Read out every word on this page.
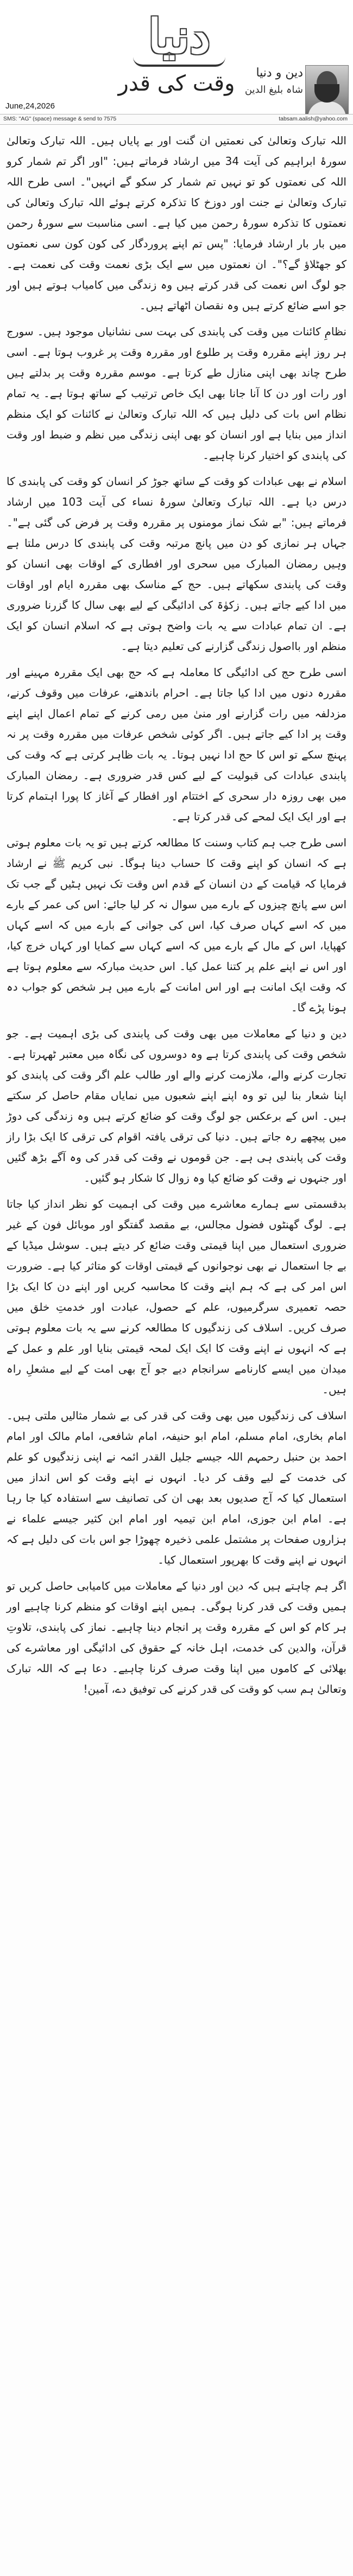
دنیا
وقت کی قدر	دین و دنیا
شاہ بلیغ الدین
June,24,2026
SMS: "AG" (space) message & send to 7575	tabsam.aalish@yahoo.com

اللہ تبارک وتعالیٰ کی نعمتیں ان گنت اور بے پایاں ہیں۔ اللہ تبارک وتعالیٰ سورۂ ابراہیم کی آیت 34 میں ارشاد فرماتے ہیں: "اور اگر تم شمار کرو اللہ کی نعمتوں کو تو نہیں تم شمار کر سکو گے انہیں"۔ اسی طرح اللہ تبارک وتعالیٰ نے جنت اور دوزخ کا تذکرہ کرتے ہوئے اللہ تبارک وتعالیٰ کی نعمتوں کا تذکرہ سورۂ رحمن میں کیا ہے۔ اسی مناسبت سے سورۂ رحمن میں بار بار ارشاد فرمایا: "پس تم اپنے پروردگار کی کون کون سی نعمتوں کو جھٹلاؤ گے؟"۔ ان نعمتوں میں سے ایک بڑی نعمت وقت کی نعمت ہے۔ جو لوگ اس نعمت کی قدر کرتے ہیں وہ زندگی میں کامیاب ہوتے ہیں اور جو اسے ضائع کرتے ہیں وہ نقصان اٹھاتے ہیں۔

نظامِ کائنات میں وقت کی پابندی کی بہت سی نشانیاں موجود ہیں۔ سورج ہر روز اپنے مقررہ وقت پر طلوع اور مقررہ وقت پر غروب ہوتا ہے۔ اسی طرح چاند بھی اپنی منازل طے کرتا ہے۔ موسم مقررہ وقت پر بدلتے ہیں اور رات اور دن کا آنا جانا بھی ایک خاص ترتیب کے ساتھ ہوتا ہے۔ یہ تمام نظام اس بات کی دلیل ہیں کہ اللہ تبارک وتعالیٰ نے کائنات کو ایک منظم انداز میں بنایا ہے اور انسان کو بھی اپنی زندگی میں نظم و ضبط اور وقت کی پابندی کو اختیار کرنا چاہیے۔

اسلام نے بھی عبادات کو وقت کے ساتھ جوڑ کر انسان کو وقت کی پابندی کا درس دیا ہے۔ اللہ تبارک وتعالیٰ سورۂ نساء کی آیت 103 میں ارشاد فرماتے ہیں: "بے شک نماز مومنوں پر مقررہ وقت پر فرض کی گئی ہے"۔ جہاں ہر نمازی کو دن میں پانچ مرتبہ وقت کی پابندی کا درس ملتا ہے وہیں رمضان المبارک میں سحری اور افطاری کے اوقات بھی انسان کو وقت کی پابندی سکھاتے ہیں۔ حج کے مناسک بھی مقررہ ایام اور اوقات میں ادا کیے جاتے ہیں۔ زکوٰۃ کی ادائیگی کے لیے بھی سال کا گزرنا ضروری ہے۔ ان تمام عبادات سے یہ بات واضح ہوتی ہے کہ اسلام انسان کو ایک منظم اور بااصول زندگی گزارنے کی تعلیم دیتا ہے۔

اسی طرح حج کی ادائیگی کا معاملہ ہے کہ حج بھی ایک مقررہ مہینے اور مقررہ دنوں میں ادا کیا جاتا ہے۔ احرام باندھنے، عرفات میں وقوف کرنے، مزدلفہ میں رات گزارنے اور منیٰ میں رمی کرنے کے تمام اعمال اپنے اپنے وقت پر ادا کیے جاتے ہیں۔ اگر کوئی شخص عرفات میں مقررہ وقت پر نہ پہنچ سکے تو اس کا حج ادا نہیں ہوتا۔ یہ بات ظاہر کرتی ہے کہ وقت کی پابندی عبادات کی قبولیت کے لیے کس قدر ضروری ہے۔ رمضان المبارک میں بھی روزہ دار سحری کے اختتام اور افطار کے آغاز کا پورا اہتمام کرتا ہے اور ایک ایک لمحے کی قدر کرتا ہے۔

اسی طرح جب ہم کتاب وسنت کا مطالعہ کرتے ہیں تو یہ بات معلوم ہوتی ہے کہ انسان کو اپنے وقت کا حساب دینا ہوگا۔ نبی کریم ﷺ نے ارشاد فرمایا کہ قیامت کے دن انسان کے قدم اس وقت تک نہیں ہٹیں گے جب تک اس سے پانچ چیزوں کے بارے میں سوال نہ کر لیا جائے: اس کی عمر کے بارے میں کہ اسے کہاں صرف کیا، اس کی جوانی کے بارے میں کہ اسے کہاں کھپایا، اس کے مال کے بارے میں کہ اسے کہاں سے کمایا اور کہاں خرچ کیا، اور اس نے اپنے علم پر کتنا عمل کیا۔ اس حدیث مبارکہ سے معلوم ہوتا ہے کہ وقت ایک امانت ہے اور اس امانت کے بارے میں ہر شخص کو جواب دہ ہونا پڑے گا۔

دین و دنیا کے معاملات میں بھی وقت کی پابندی کی بڑی اہمیت ہے۔ جو شخص وقت کی پابندی کرتا ہے وہ دوسروں کی نگاہ میں معتبر ٹھہرتا ہے۔ تجارت کرنے والے، ملازمت کرنے والے اور طالب علم اگر وقت کی پابندی کو اپنا شعار بنا لیں تو وہ اپنے اپنے شعبوں میں نمایاں مقام حاصل کر سکتے ہیں۔ اس کے برعکس جو لوگ وقت کو ضائع کرتے ہیں وہ زندگی کی دوڑ میں پیچھے رہ جاتے ہیں۔ دنیا کی ترقی یافتہ اقوام کی ترقی کا ایک بڑا راز وقت کی پابندی ہی ہے۔ جن قوموں نے وقت کی قدر کی وہ آگے بڑھ گئیں اور جنہوں نے وقت کو ضائع کیا وہ زوال کا شکار ہو گئیں۔

بدقسمتی سے ہمارے معاشرے میں وقت کی اہمیت کو نظر انداز کیا جاتا ہے۔ لوگ گھنٹوں فضول مجالس، بے مقصد گفتگو اور موبائل فون کے غیر ضروری استعمال میں اپنا قیمتی وقت ضائع کر دیتے ہیں۔ سوشل میڈیا کے بے جا استعمال نے بھی نوجوانوں کے قیمتی اوقات کو متاثر کیا ہے۔ ضرورت اس امر کی ہے کہ ہم اپنے وقت کا محاسبہ کریں اور اپنے دن کا ایک بڑا حصہ تعمیری سرگرمیوں، علم کے حصول، عبادت اور خدمتِ خلق میں صرف کریں۔ اسلاف کی زندگیوں کا مطالعہ کرنے سے یہ بات معلوم ہوتی ہے کہ انہوں نے اپنے وقت کا ایک ایک لمحہ قیمتی بنایا اور علم و عمل کے میدان میں ایسے کارنامے سرانجام دیے جو آج بھی امت کے لیے مشعلِ راہ ہیں۔

اسلاف کی زندگیوں میں بھی وقت کی قدر کی بے شمار مثالیں ملتی ہیں۔ امام بخاری، امام مسلم، امام ابو حنیفہ، امام شافعی، امام مالک اور امام احمد بن حنبل رحمہم اللہ جیسے جلیل القدر ائمہ نے اپنی زندگیوں کو علم کی خدمت کے لیے وقف کر دیا۔ انہوں نے اپنے وقت کو اس انداز میں استعمال کیا کہ آج صدیوں بعد بھی ان کی تصانیف سے استفادہ کیا جا رہا ہے۔ امام ابن جوزی، امام ابن تیمیہ اور امام ابن کثیر جیسے علماء نے ہزاروں صفحات پر مشتمل علمی ذخیرہ چھوڑا جو اس بات کی دلیل ہے کہ انہوں نے اپنے وقت کا بھرپور استعمال کیا۔

اگر ہم چاہتے ہیں کہ دین اور دنیا کے معاملات میں کامیابی حاصل کریں تو ہمیں وقت کی قدر کرنا ہوگی۔ ہمیں اپنے اوقات کو منظم کرنا چاہیے اور ہر کام کو اس کے مقررہ وقت پر انجام دینا چاہیے۔ نماز کی پابندی، تلاوتِ قرآن، والدین کی خدمت، اہل خانہ کے حقوق کی ادائیگی اور معاشرے کی بھلائی کے کاموں میں اپنا وقت صرف کرنا چاہیے۔ دعا ہے کہ اللہ تبارک وتعالیٰ ہم سب کو وقت کی قدر کرنے کی توفیق دے، آمین!
